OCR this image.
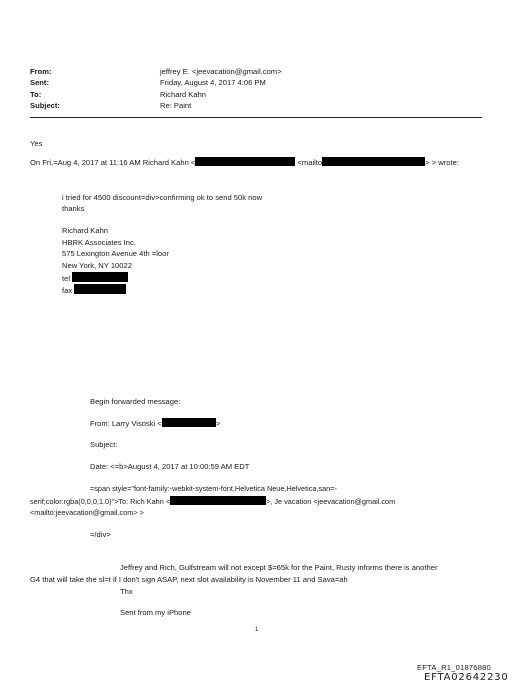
From:	jeffrey E. <jeevacation@gmail.com>
Sent:	Friday, August 4, 2017 4:06 PM
To:	Richard Kahn
Subject:	Re: Paint
Yes
On Fri,=Aug 4, 2017 at 11:16 AM Richard Kahn <	<mailto	> > wrote:
i tried for 4500 discount=div>confirming ok to send 50k now
thanks
Richard Kahn
HBRK Associates Inc.
575 Lexington Avenue 4th =loor
New York, NY 10022
tel
fax
Begin forwarded message:
From: Larry Visoski <	>
Subject:
Date: <=b>August 4, 2017 at 10:00:59 AM EDT
=span style="font-family:-webkit-system-font,Helvetica Neue,Helvetica,san=-
serif;color:rgba(0,0,0,1.0)">To: Rich Kahn <	>, Je vacation <jeevacation@gmail.com
<mailto:jeevacation@gmail.com> >
=/div>
Jeffrey and Rich, Gulfstream will not except $=65k for the Paint, Rusty informs there is another
G4 that will take the sl=t if I don't sign ASAP, next slot availability is November 11 and Sava=ah
Thx
Sent from my iPhone
1
EFTA_R1_01876880
EFTA02642230
